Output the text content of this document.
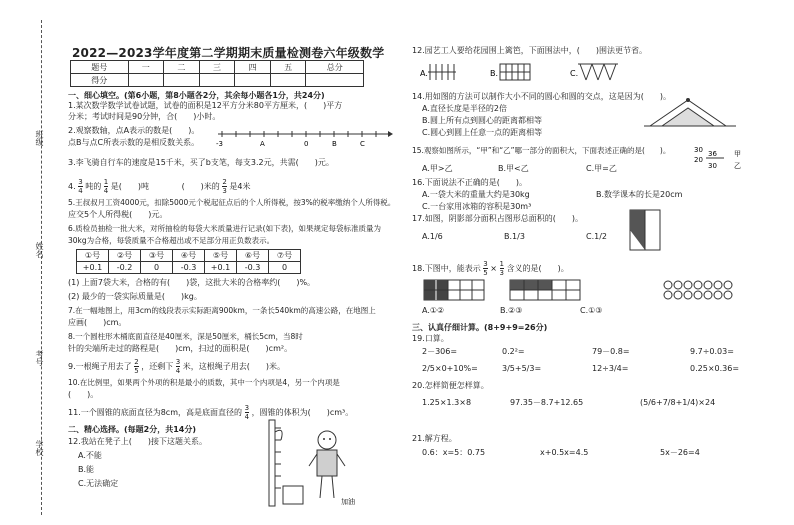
班级
姓名
考号
学校
2022—2023学年度第二学期期末质量检测卷六年级数学
题号	一	二	三	四	五	总分
得分						
一、细心填空。(第6小题，第8小题各2分，其余每小题各1分，共24分)
1.某次数学数学试卷试题，试卷的面积是12平方分米80平方厘米，(　　)平方
分米；考试时间是90分钟，合(　　)小时。
2.观察数轴，点A表示的数是(　　)。
点B与点C所表示数的是相反数关系。 -3	A	0	B	C
3.李飞骑自行车的速度是15千米，买了b支笔，每支3.2元，共需(　　)元。
4. $\frac{3}{4}$ 吨的 $\frac{1}{4}$ 是(　　)吨	(　　)米的 $\frac{2}{3}$ 是4米
5.王叔叔月工资4000元，扣除5000元个税起征点后的个人所得税，按3%的税率缴纳个人所得税。
应交5个人所得税(　　)元。
6.质检员抽检一批大米，对所抽检的每袋大米质量进行记录(如下表)，如果规定每袋标准质量为
30kg为合格，每袋质量不合格超出或不足部分用正负数表示。
①号	②号	③号	④号	⑤号	⑥号	⑦号
+0.1	-0.2	0	-0.3	+0.1	-0.3	0
(1) 上面7袋大米，合格的有(　　)袋，这批大米的合格率约(　　)%。
(2) 最少的一袋实际质量是(　　)kg。
7.在一幅地图上，用3cm的线段表示实际距离900km，一条长540km的高速公路，在地图上
应画(　　)cm。
8.一个圆柱形木桶底面直径是40厘米，深是50厘米，桶长5cm，当8时
针的尖端所走过的路程是(　　)cm，扫过的面积是(　　)cm²。
9.一根绳子用去了 $\frac{2}{5}$ ，还剩下 $\frac{3}{4}$ 米，这根绳子用去(　　)米。
10.在比例里，如果两个外项的积是最小的质数，其中一个内项是4，另一个内项是
(　　)。
11.一个圆锥的底面直径为8cm，高是底面直径的 $\frac{3}{4}$ ，圆锥的体积为(　　)cm³。
二、精心选择。(每题2分，共14分)
12.我站在凳子上(　　)接下这题关系。
A.不能
B.能
C.无法确定
加油
12.园艺工人要给花园围上篱笆，下面围法中，(　　)围法更节省。
A.	B.	C.
14.用如图的方法可以制作大小不同的圆心和圆的交点，这是因为(　　)。
A.直径长度是半径的2倍
B.圆上所有点到圆心的距离都相等
C.圆心到圆上任意一点的距离相等
15.观察如图所示，“甲”和“乙”哪一部分的面积大，下面表述正确的是(　　)。
A.甲>乙	B.甲<乙	C.甲=乙
30
20
36
30
甲
乙
16.下面说法不正确的是(　　)。
A.一袋大米的重量大约是30kg	B.数学课本的长是20cm
C.一台家用冰箱的容积是30m³
17.如图，阴影部分面积占图形总面积的(　　)。
A.1/6	B.1/3	C.1/2
18.下图中，能表示 $\frac{3}{5} \times \frac{1}{3}$ 含义的是(　　)。
A.①②	B.②③	C.①③
三、认真仔细计算。(8+9+9=26分)
19.口算。
2－306=	0.2²=	79－0.8=	9.7÷0.03=
2/5×0+10%=	3/5+5/3=	12÷3/4=	0.25×0.36=
20.怎样简便怎样算。
1.25×1.3×8	97.35－8.7+12.65	(5/6+7/8+1/4)×24
21.解方程。
0.6：x=5：0.75	x+0.5x=4.5	5x－26=4
